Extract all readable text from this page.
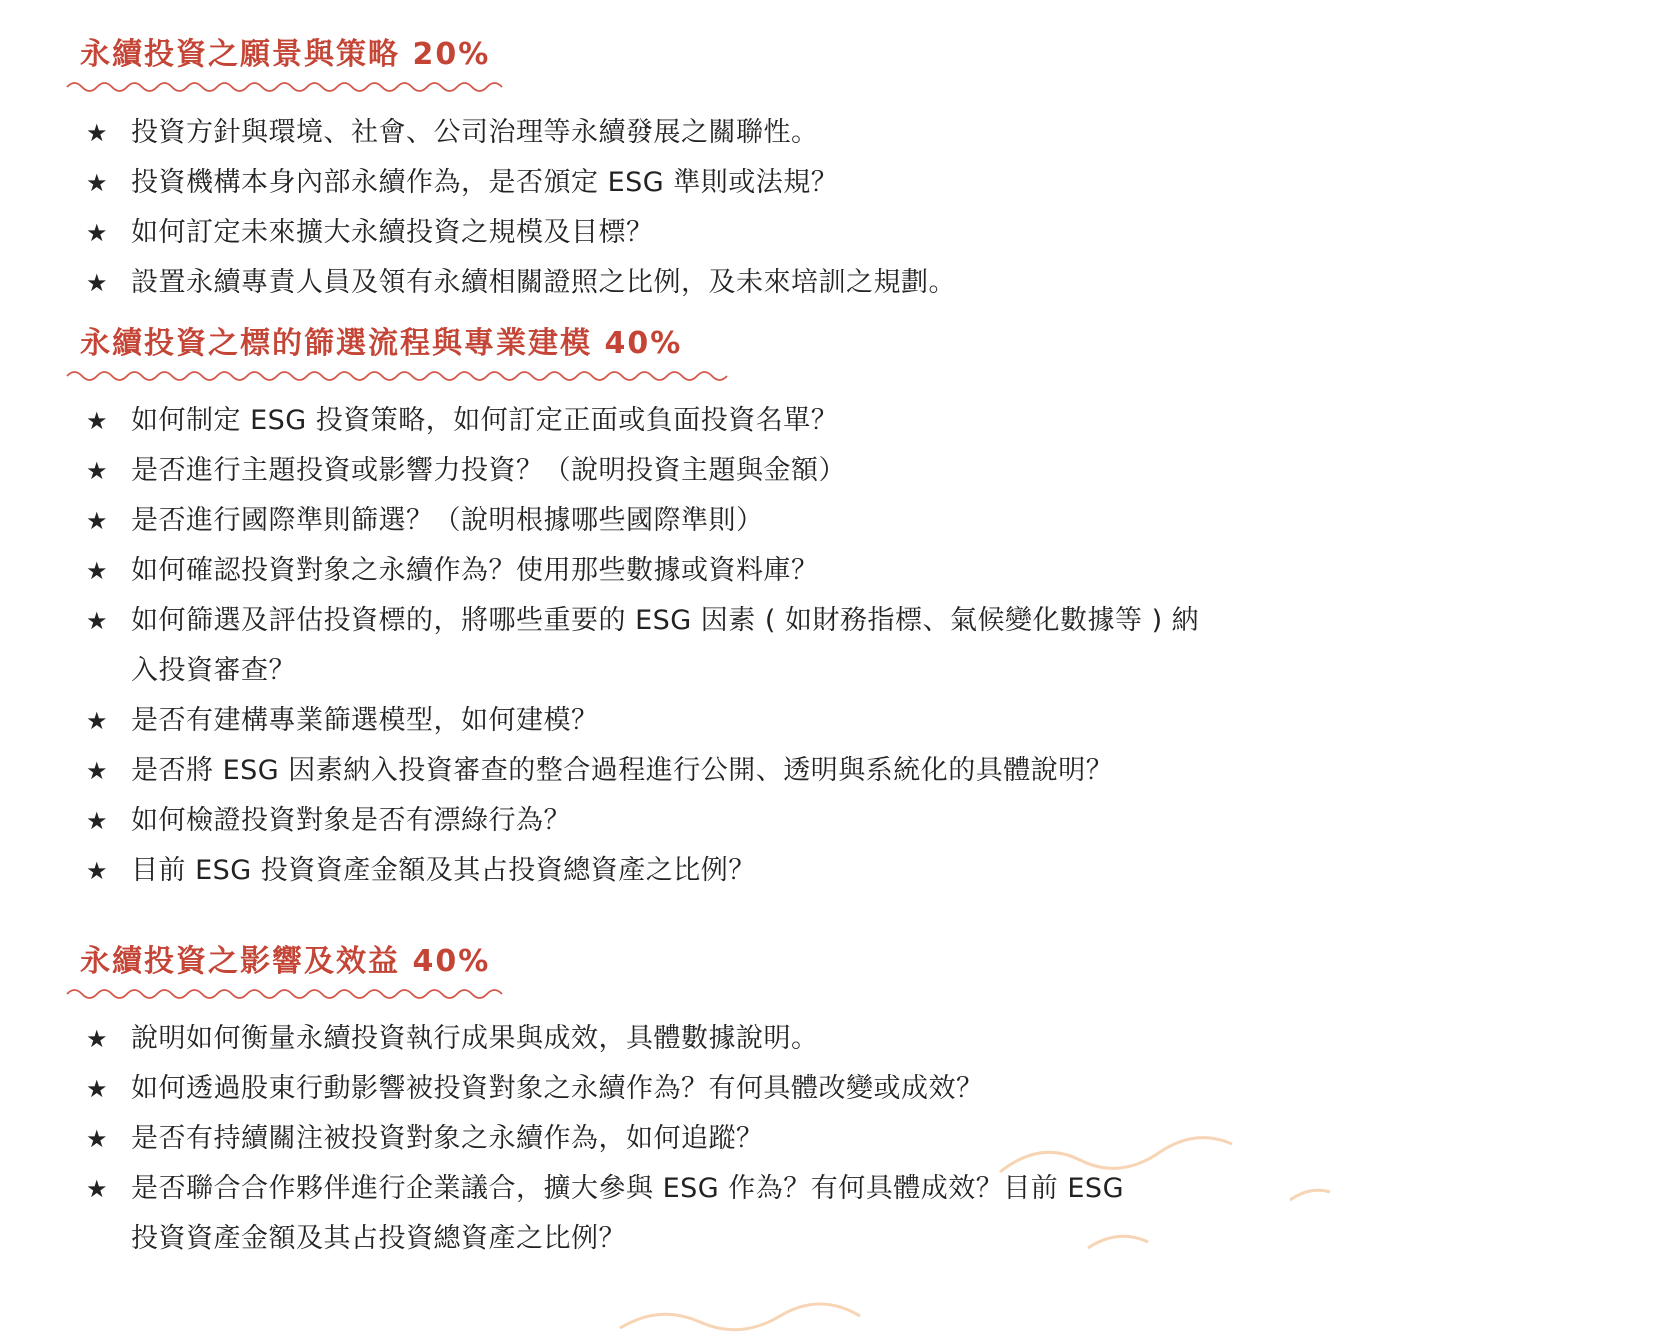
永續投資之願景與策略 20%
★ 投資方針與環境、社會、公司治理等永續發展之關聯性。
★ 投資機構本身內部永續作為，是否頒定 ESG 準則或法規？
★ 如何訂定未來擴大永續投資之規模及目標？
★ 設置永續專責人員及領有永續相關證照之比例，及未來培訓之規劃。
永續投資之標的篩選流程與專業建模 40%
★ 如何制定 ESG 投資策略，如何訂定正面或負面投資名單？
★ 是否進行主題投資或影響力投資？（說明投資主題與金額）
★ 是否進行國際準則篩選？（說明根據哪些國際準則）
★ 如何確認投資對象之永續作為？使用那些數據或資料庫？
★ 如何篩選及評估投資標的，將哪些重要的 ESG 因素 ( 如財務指標、氣候變化數據等 ) 納入投資審查？
★ 是否有建構專業篩選模型，如何建模？
★ 是否將 ESG 因素納入投資審查的整合過程進行公開、透明與系統化的具體說明？
★ 如何檢證投資對象是否有漂綠行為？
★ 目前 ESG 投資資產金額及其占投資總資產之比例？
永續投資之影響及效益 40%
★ 說明如何衡量永續投資執行成果與成效，具體數據說明。
★ 如何透過股東行動影響被投資對象之永續作為？有何具體改變或成效？
★ 是否有持續關注被投資對象之永續作為，如何追蹤？
★ 是否聯合合作夥伴進行企業議合，擴大參與 ESG 作為？有何具體成效？目前 ESG 投資資產金額及其占投資總資產之比例？
